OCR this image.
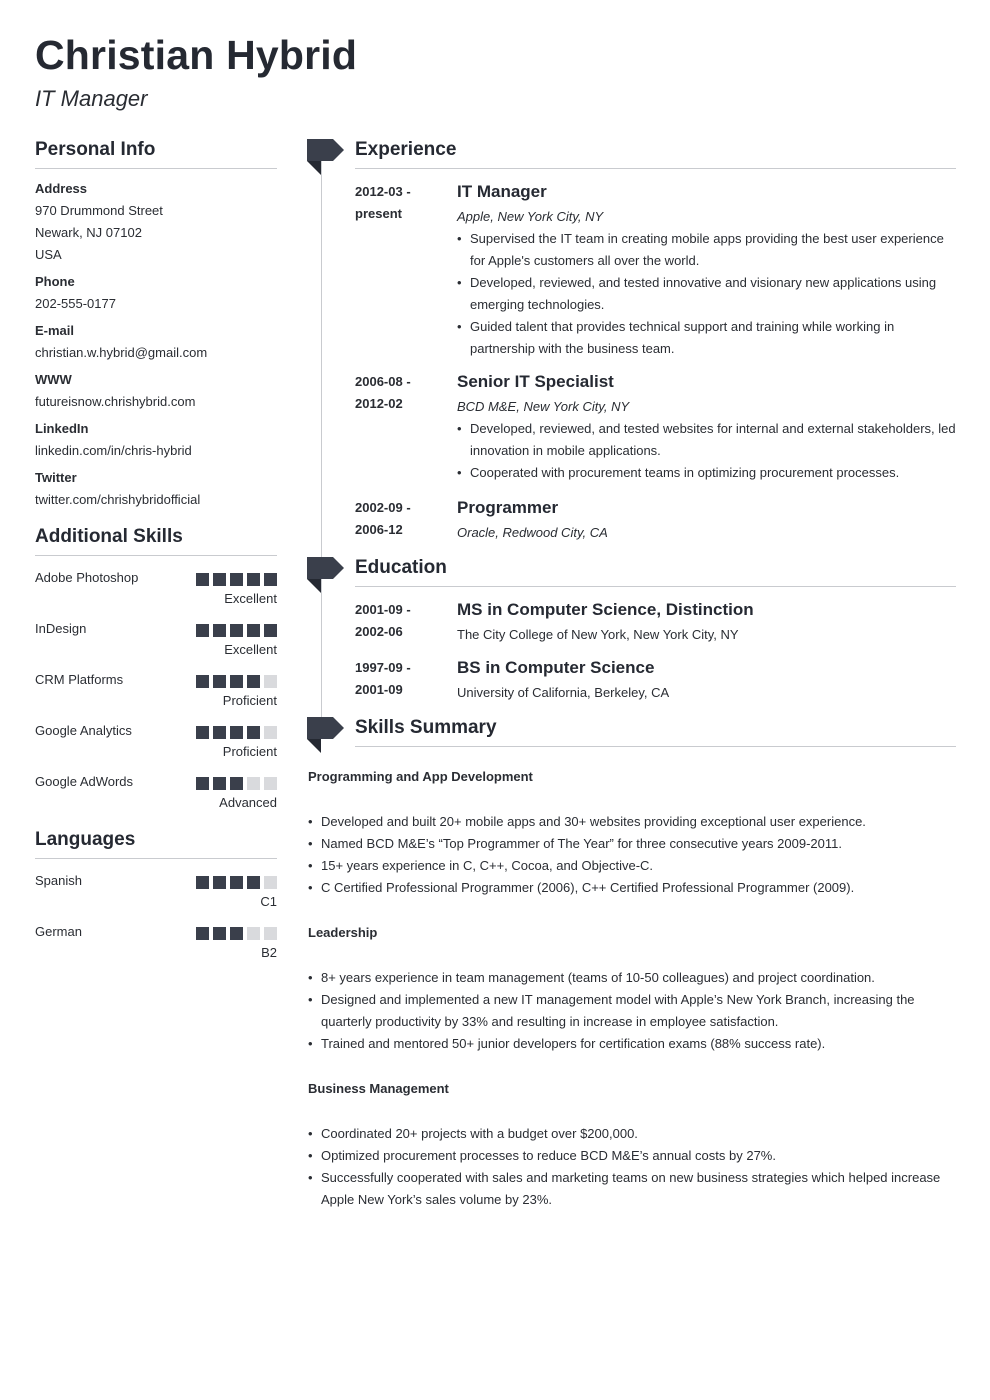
Christian Hybrid
IT Manager
Personal Info
Address
970 Drummond Street
Newark, NJ 07102
USA
Phone
202-555-0177
E-mail
christian.w.hybrid@gmail.com
WWW
futureisnow.chrishybrid.com
LinkedIn
linkedin.com/in/chris-hybrid
Twitter
twitter.com/chrishybridofficial
Additional Skills
Adobe Photoshop
Excellent
InDesign
Excellent
CRM Platforms
Proficient
Google Analytics
Proficient
Google AdWords
Advanced
Languages
Spanish
C1
German
B2
Experience
2012-03 -
present
IT Manager
Apple, New York City, NY
• Supervised the IT team in creating mobile apps providing the best user experience for Apple's customers all over the world.
• Developed, reviewed, and tested innovative and visionary new applications using emerging technologies.
• Guided talent that provides technical support and training while working in partnership with the business team.
2006-08 -
2012-02
Senior IT Specialist
BCD M&E, New York City, NY
• Developed, reviewed, and tested websites for internal and external stakeholders, led innovation in mobile applications.
• Cooperated with procurement teams in optimizing procurement processes.
2002-09 -
2006-12
Programmer
Oracle, Redwood City, CA
Education
2001-09 -
2002-06
MS in Computer Science, Distinction
The City College of New York, New York City, NY
1997-09 -
2001-09
BS in Computer Science
University of California, Berkeley, CA
Skills Summary
Programming and App Development
• Developed and built 20+ mobile apps and 30+ websites providing exceptional user experience.
• Named BCD M&E’s “Top Programmer of The Year” for three consecutive years 2009-2011.
• 15+ years experience in C, C++, Cocoa, and Objective-C.
• C Certified Professional Programmer (2006), C++ Certified Professional Programmer (2009).
Leadership
• 8+ years experience in team management (teams of 10-50 colleagues) and project coordination.
• Designed and implemented a new IT management model with Apple’s New York Branch, increasing the quarterly productivity by 33% and resulting in increase in employee satisfaction.
• Trained and mentored 50+ junior developers for certification exams (88% success rate).
Business Management
• Coordinated 20+ projects with a budget over $200,000.
• Optimized procurement processes to reduce BCD M&E’s annual costs by 27%.
• Successfully cooperated with sales and marketing teams on new business strategies which helped increase Apple New York’s sales volume by 23%.
